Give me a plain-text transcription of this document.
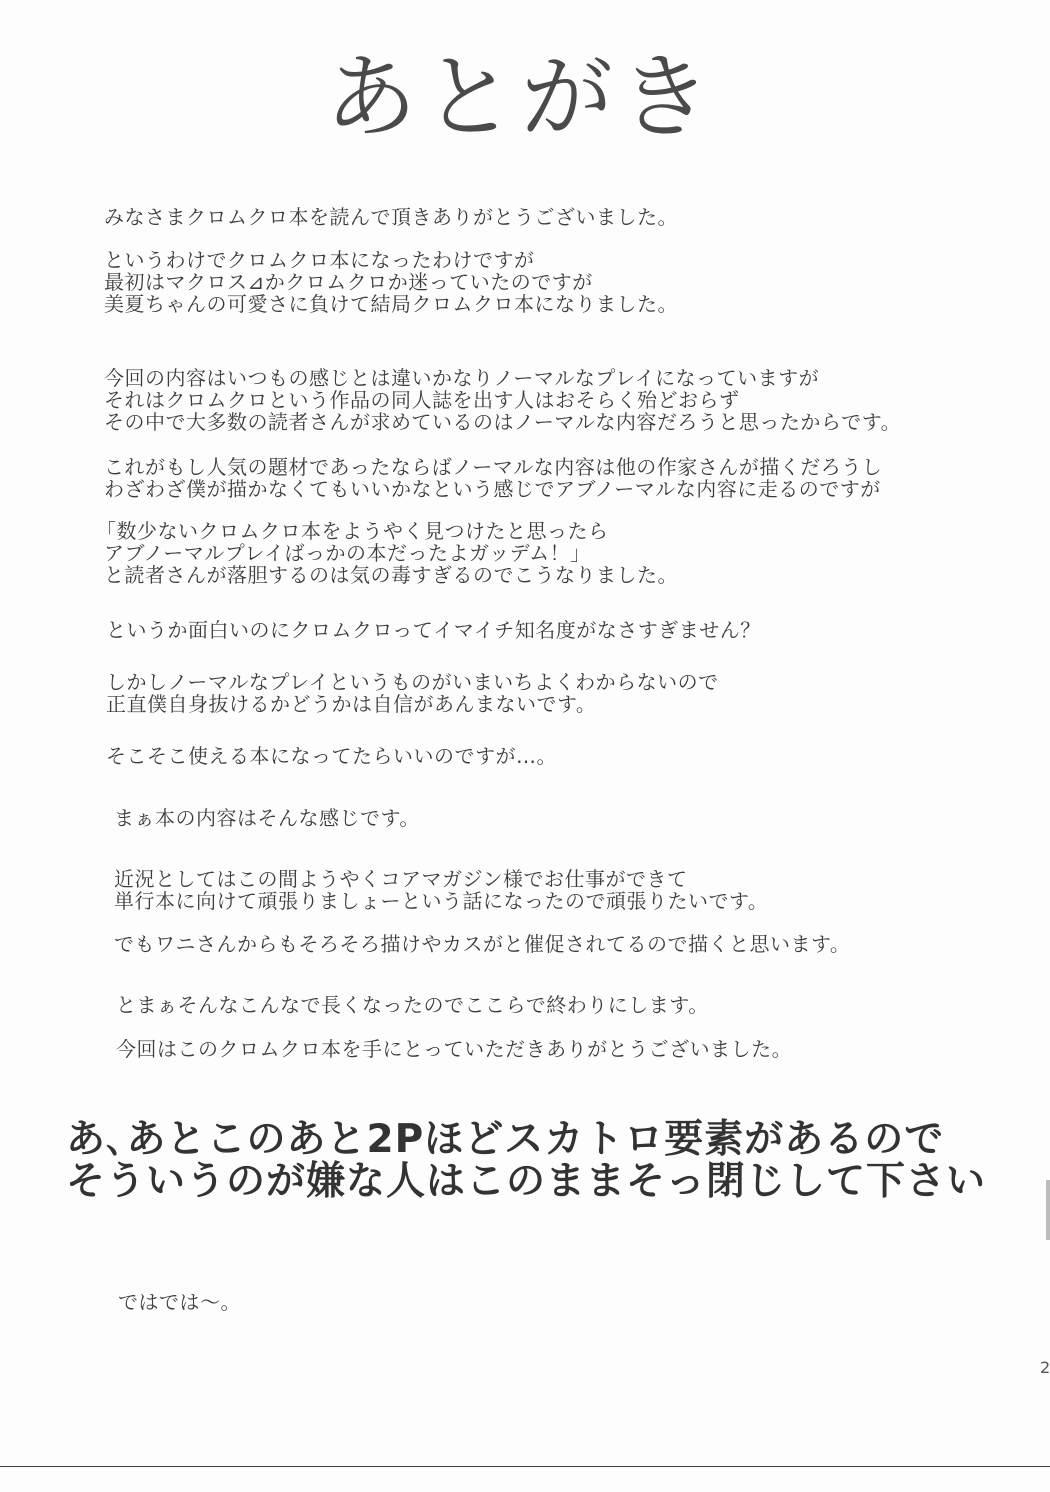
あとがき
みなさまクロムクロ本を読んで頂きありがとうございました。
というわけでクロムクロ本になったわけですが
最初はマクロス⊿かクロムクロか迷っていたのですが
美夏ちゃんの可愛さに負けて結局クロムクロ本になりました。
今回の内容はいつもの感じとは違いかなりノーマルなプレイになっていますが
それはクロムクロという作品の同人誌を出す人はおそらく殆どおらず
その中で大多数の読者さんが求めているのはノーマルな内容だろうと思ったからです。
これがもし人気の題材であったならばノーマルな内容は他の作家さんが描くだろうし
わざわざ僕が描かなくてもいいかなという感じでアブノーマルな内容に走るのですが
「数少ないクロムクロ本をようやく見つけたと思ったら
アブノーマルプレイばっかの本だったよガッデム！」
と読者さんが落胆するのは気の毒すぎるのでこうなりました。
というか面白いのにクロムクロってイマイチ知名度がなさすぎません？
しかしノーマルなプレイというものがいまいちよくわからないので
正直僕自身抜けるかどうかは自信があんまないです。
そこそこ使える本になってたらいいのですが…。
まぁ本の内容はそんな感じです。
近況としてはこの間ようやくコアマガジン様でお仕事ができて
単行本に向けて頑張りましょーという話になったので頑張りたいです。
でもワニさんからもそろそろ描けやカスがと催促されてるので描くと思います。
とまぁそんなこんなで長くなったのでここらで終わりにします。
今回はこのクロムクロ本を手にとっていただきありがとうございました。
あ､あとこのあと2Pほどスカトロ要素があるので
そういうのが嫌な人はこのままそっ閉じして下さい
ではでは～。
2
